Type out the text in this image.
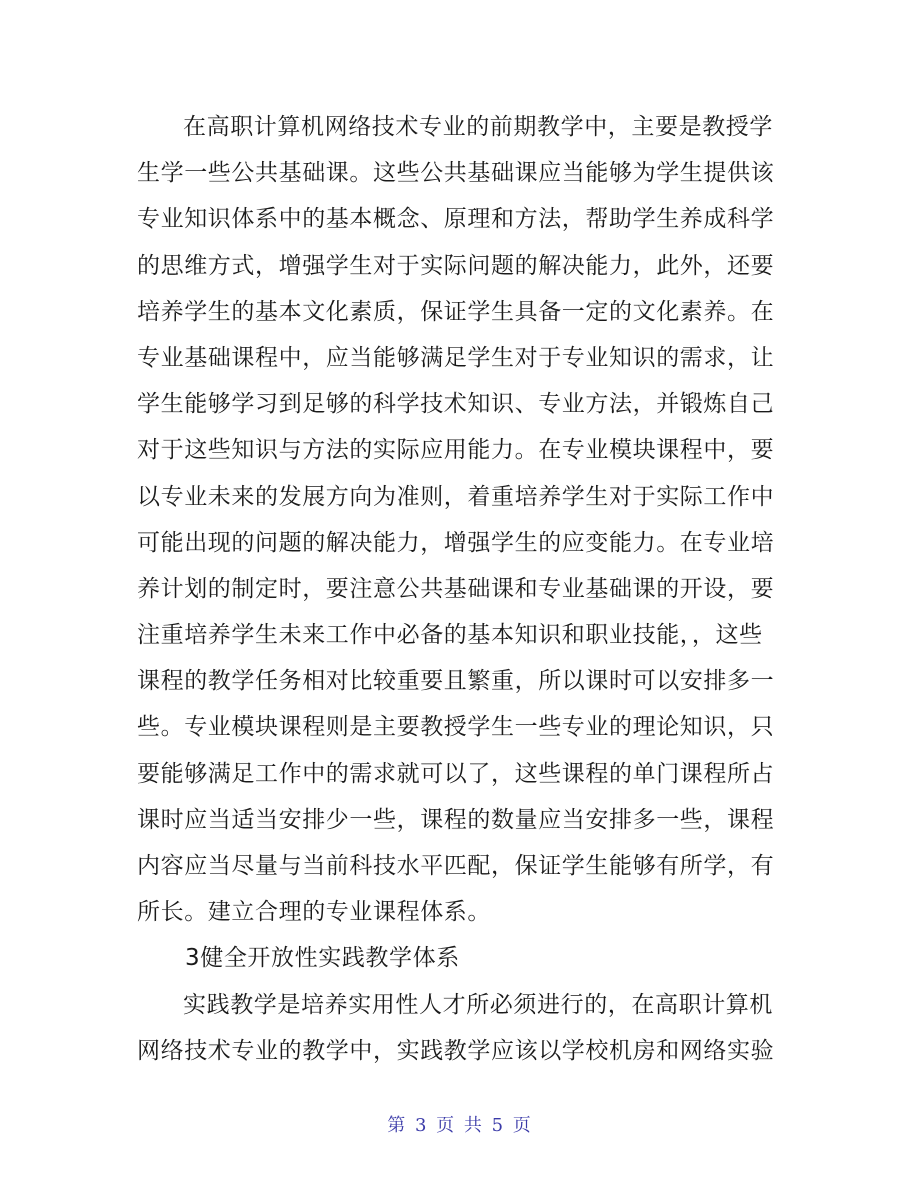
在高职计算机网络技术专业的前期教学中，主要是教授学
生学一些公共基础课。这些公共基础课应当能够为学生提供该
专业知识体系中的基本概念、原理和方法，帮助学生养成科学
的思维方式，增强学生对于实际问题的解决能力，此外，还要
培养学生的基本文化素质，保证学生具备一定的文化素养。在
专业基础课程中，应当能够满足学生对于专业知识的需求，让
学生能够学习到足够的科学技术知识、专业方法，并锻炼自己
对于这些知识与方法的实际应用能力。在专业模块课程中，要
以专业未来的发展方向为准则，着重培养学生对于实际工作中
可能出现的问题的解决能力，增强学生的应变能力。在专业培
养计划的制定时，要注意公共基础课和专业基础课的开设，要
注重培养学生未来工作中必备的基本知识和职业技能，，这些
课程的教学任务相对比较重要且繁重，所以课时可以安排多一
些。专业模块课程则是主要教授学生一些专业的理论知识，只
要能够满足工作中的需求就可以了，这些课程的单门课程所占
课时应当适当安排少一些，课程的数量应当安排多一些，课程
内容应当尽量与当前科技水平匹配，保证学生能够有所学，有
所长。建立合理的专业课程体系。
3健全开放性实践教学体系
实践教学是培养实用性人才所必须进行的，在高职计算机
网络技术专业的教学中，实践教学应该以学校机房和网络实验
第 3 页 共 5 页
